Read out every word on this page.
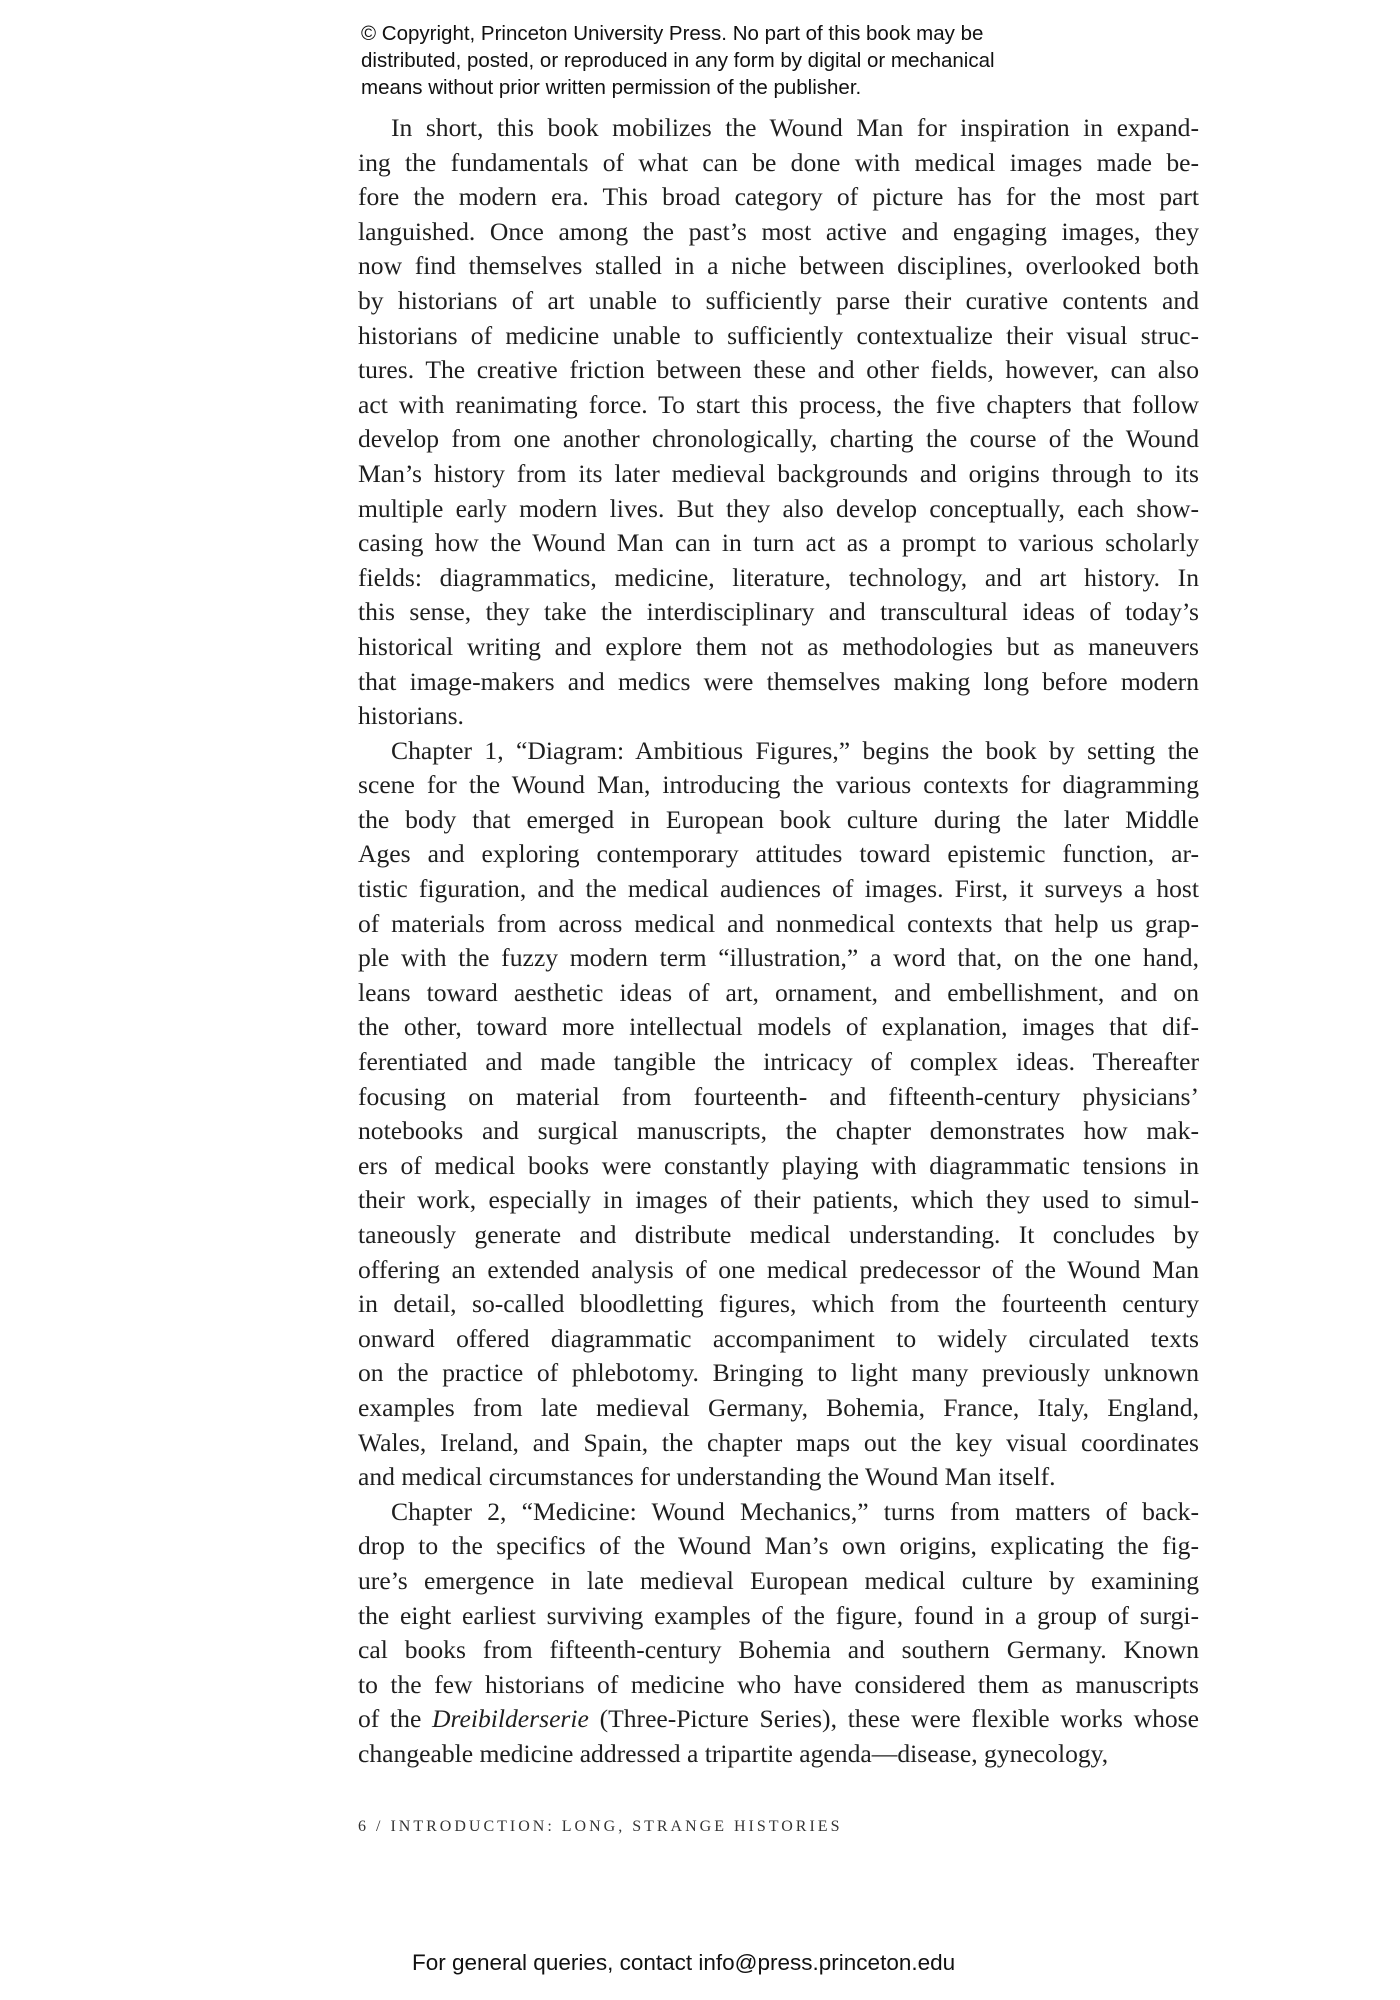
© Copyright, Princeton University Press. No part of this book may be
distributed, posted, or reproduced in any form by digital or mechanical
means without prior written permission of the publisher.

In short, this book mobilizes the Wound Man for inspiration in expand-
ing the fundamentals of what can be done with medical images made be-
fore the modern era. This broad category of picture has for the most part
languished. Once among the past’s most active and engaging images, they
now find themselves stalled in a niche between disciplines, overlooked both
by historians of art unable to sufficiently parse their curative contents and
historians of medicine unable to sufficiently contextualize their visual struc-
tures. The creative friction between these and other fields, however, can also
act with reanimating force. To start this process, the five chapters that follow
develop from one another chronologically, charting the course of the Wound
Man’s history from its later medieval backgrounds and origins through to its
multiple early modern lives. But they also develop conceptually, each show-
casing how the Wound Man can in turn act as a prompt to various scholarly
fields: diagrammatics, medicine, literature, technology, and art history. In
this sense, they take the interdisciplinary and transcultural ideas of today’s
historical writing and explore them not as methodologies but as maneuvers
that image-makers and medics were themselves making long before modern
historians.

Chapter 1, “Diagram: Ambitious Figures,” begins the book by setting the
scene for the Wound Man, introducing the various contexts for diagramming
the body that emerged in European book culture during the later Middle
Ages and exploring contemporary attitudes toward epistemic function, ar-
tistic figuration, and the medical audiences of images. First, it surveys a host
of materials from across medical and nonmedical contexts that help us grap-
ple with the fuzzy modern term “illustration,” a word that, on the one hand,
leans toward aesthetic ideas of art, ornament, and embellishment, and on
the other, toward more intellectual models of explanation, images that dif-
ferentiated and made tangible the intricacy of complex ideas. Thereafter
focusing on material from fourteenth- and fifteenth-century physicians’
notebooks and surgical manuscripts, the chapter demonstrates how mak-
ers of medical books were constantly playing with diagrammatic tensions in
their work, especially in images of their patients, which they used to simul-
taneously generate and distribute medical understanding. It concludes by
offering an extended analysis of one medical predecessor of the Wound Man
in detail, so-called bloodletting figures, which from the fourteenth century
onward offered diagrammatic accompaniment to widely circulated texts
on the practice of phlebotomy. Bringing to light many previously unknown
examples from late medieval Germany, Bohemia, France, Italy, England,
Wales, Ireland, and Spain, the chapter maps out the key visual coordinates
and medical circumstances for understanding the Wound Man itself.

Chapter 2, “Medicine: Wound Mechanics,” turns from matters of back-
drop to the specifics of the Wound Man’s own origins, explicating the fig-
ure’s emergence in late medieval European medical culture by examining
the eight earliest surviving examples of the figure, found in a group of surgi-
cal books from fifteenth-century Bohemia and southern Germany. Known
to the few historians of medicine who have considered them as manuscripts
of the Dreibilderserie (Three-Picture Series), these were flexible works whose
changeable medicine addressed a tripartite agenda—disease, gynecology,

6 / INTRODUCTION: LONG, STRANGE HISTORIES
For general queries, contact info@press.princeton.edu
